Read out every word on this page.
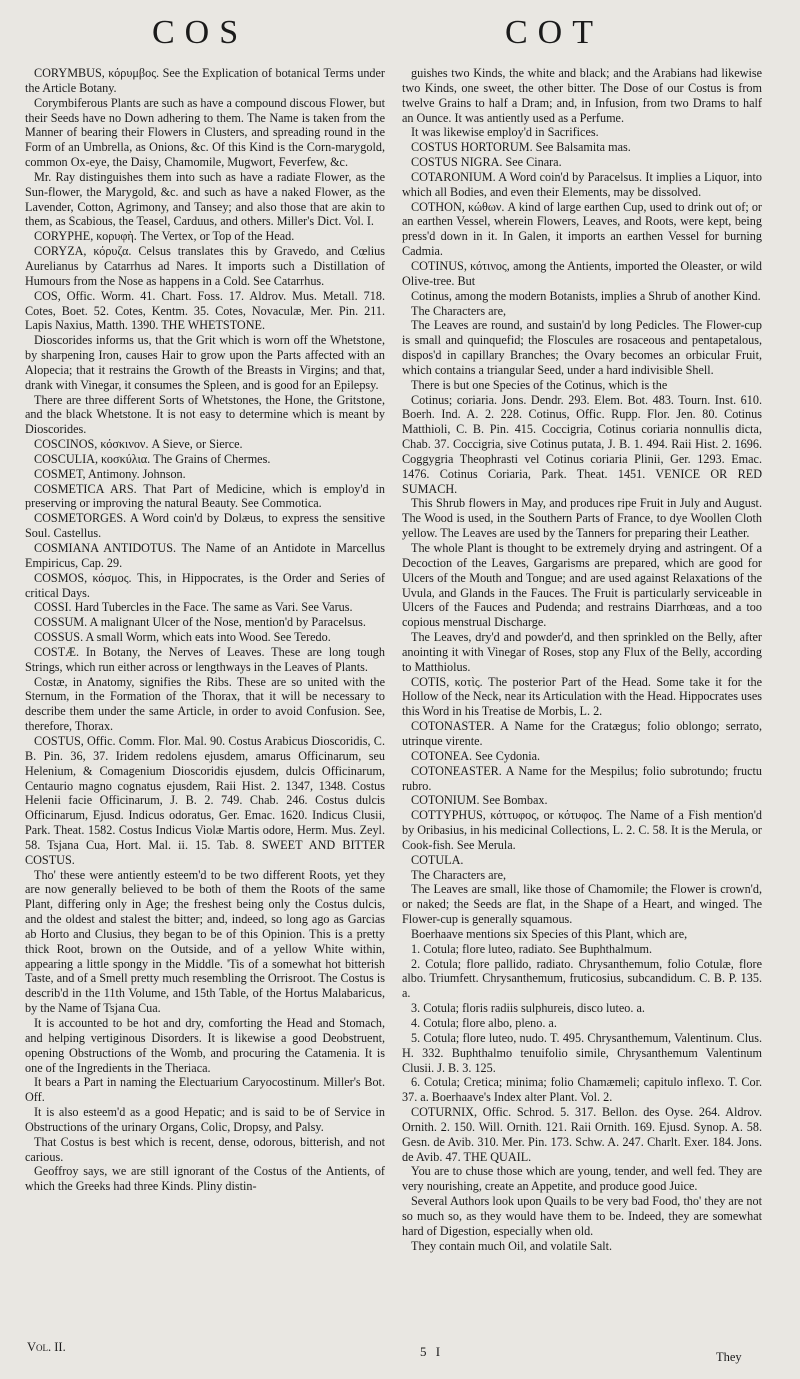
COS	COT

CORYMBUS, κόρυμβος. See the Explication of botanical Terms under the Article Botany.

Corymbiferous Plants are such as have a compound discous Flower, but their Seeds have no Down adhering to them. The Name is taken from the Manner of bearing their Flowers in Clusters, and spreading round in the Form of an Umbrella, as Onions, &c. Of this Kind is the Corn-marygold, common Ox-eye, the Daisy, Chamomile, Mugwort, Feverfew, &c.

Mr. Ray distinguishes them into such as have a radiate Flower, as the Sun-flower, the Marygold, &c. and such as have a naked Flower, as the Lavender, Cotton, Agrimony, and Tansey; and also those that are akin to them, as Scabious, the Teasel, Carduus, and others. Miller's Dict. Vol. I.

CORYPHE, κορυφὴ. The Vertex, or Top of the Head.

CORYZA, κόρυζα. Celsus translates this by Gravedo, and Cœlius Aurelianus by Catarrhus ad Nares. It imports such a Distillation of Humours from the Nose as happens in a Cold. See Catarrhus.

COS, Offic. Worm. 41. Chart. Foss. 17. Aldrov. Mus. Metall. 718. Cotes, Boet. 52. Cotes, Kentm. 35. Cotes, Novaculæ, Mer. Pin. 211. Lapis Naxius, Matth. 1390. THE WHETSTONE.

Dioscorides informs us, that the Grit which is worn off the Whetstone, by sharpening Iron, causes Hair to grow upon the Parts affected with an Alopecia; that it restrains the Growth of the Breasts in Virgins; and that, drank with Vinegar, it consumes the Spleen, and is good for an Epilepsy.

There are three different Sorts of Whetstones, the Hone, the Gritstone, and the black Whetstone. It is not easy to determine which is meant by Dioscorides.

COSCINOS, κόσκινον. A Sieve, or Sierce.

COSCULIA, κοσκύλια. The Grains of Chermes.

COSMET, Antimony. Johnson.

COSMETICA ARS. That Part of Medicine, which is employ'd in preserving or improving the natural Beauty. See Commotica.

COSMETORGES. A Word coin'd by Dolæus, to express the sensitive Soul. Castellus.

COSMIANA ANTIDOTUS. The Name of an Antidote in Marcellus Empiricus, Cap. 29.

COSMOS, κόσμος. This, in Hippocrates, is the Order and Series of critical Days.

COSSI. Hard Tubercles in the Face. The same as Vari. See Varus.

COSSUM. A malignant Ulcer of the Nose, mention'd by Paracelsus.

COSSUS. A small Worm, which eats into Wood. See Teredo.

COSTÆ. In Botany, the Nerves of Leaves. These are long tough Strings, which run either across or lengthways in the Leaves of Plants.

Costæ, in Anatomy, signifies the Ribs. These are so united with the Sternum, in the Formation of the Thorax, that it will be necessary to describe them under the same Article, in order to avoid Confusion. See, therefore, Thorax.

COSTUS, Offic. Comm. Flor. Mal. 90. Costus Arabicus Dioscoridis, C. B. Pin. 36, 37. Iridem redolens ejusdem, amarus Officinarum, seu Helenium, & Comagenium Dioscoridis ejusdem, dulcis Officinarum, Centaurio magno cognatus ejusdem, Raii Hist. 2. 1347, 1348. Costus Helenii facie Officinarum, J. B. 2. 749. Chab. 246. Costus dulcis Officinarum, Ejusd. Indicus odoratus, Ger. Emac. 1620. Indicus Clusii, Park. Theat. 1582. Costus Indicus Violæ Martis odore, Herm. Mus. Zeyl. 58. Tsjana Cua, Hort. Mal. ii. 15. Tab. 8. SWEET AND BITTER COSTUS.

Tho' these were antiently esteem'd to be two different Roots, yet they are now generally believed to be both of them the Roots of the same Plant, differing only in Age; the freshest being only the Costus dulcis, and the oldest and stalest the bitter; and, indeed, so long ago as Garcias ab Horto and Clusius, they began to be of this Opinion. This is a pretty thick Root, brown on the Outside, and of a yellow White within, appearing a little spongy in the Middle. 'Tis of a somewhat hot bitterish Taste, and of a Smell pretty much resembling the Orrisroot. The Costus is describ'd in the 11th Volume, and 15th Table, of the Hortus Malabaricus, by the Name of Tsjana Cua.

It is accounted to be hot and dry, comforting the Head and Stomach, and helping vertiginous Disorders. It is likewise a good Deobstruent, opening Obstructions of the Womb, and procuring the Catamenia. It is one of the Ingredients in the Theriaca.

It bears a Part in naming the Electuarium Caryocostinum. Miller's Bot. Off.

It is also esteem'd as a good Hepatic; and is said to be of Service in Obstructions of the urinary Organs, Colic, Dropsy, and Palsy.

That Costus is best which is recent, dense, odorous, bitterish, and not carious.

Geoffroy says, we are still ignorant of the Costus of the Antients, of which the Greeks had three Kinds. Pliny distin-

guishes two Kinds, the white and black; and the Arabians had likewise two Kinds, one sweet, the other bitter. The Dose of our Costus is from twelve Grains to half a Dram; and, in Infusion, from two Drams to half an Ounce. It was antiently used as a Perfume.

It was likewise employ'd in Sacrifices.

COSTUS HORTORUM. See Balsamita mas.

COSTUS NIGRA. See Cinara.

COTARONIUM. A Word coin'd by Paracelsus. It implies a Liquor, into which all Bodies, and even their Elements, may be dissolved.

COTHON, κώθων. A kind of large earthen Cup, used to drink out of; or an earthen Vessel, wherein Flowers, Leaves, and Roots, were kept, being press'd down in it. In Galen, it imports an earthen Vessel for burning Cadmia.

COTINUS, κότινος, among the Antients, imported the Oleaster, or wild Olive-tree. But

Cotinus, among the modern Botanists, implies a Shrub of another Kind.

The Characters are,

The Leaves are round, and sustain'd by long Pedicles. The Flower-cup is small and quinquefid; the Floscules are rosaceous and pentapetalous, dispos'd in capillary Branches; the Ovary becomes an orbicular Fruit, which contains a triangular Seed, under a hard indivisible Shell.

There is but one Species of the Cotinus, which is the

Cotinus; coriaria. Jons. Dendr. 293. Elem. Bot. 483. Tourn. Inst. 610. Boerh. Ind. A. 2. 228. Cotinus, Offic. Rupp. Flor. Jen. 80. Cotinus Matthioli, C. B. Pin. 415. Coccigria, Cotinus coriaria nonnullis dicta, Chab. 37. Coccigria, sive Cotinus putata, J. B. 1. 494. Raii Hist. 2. 1696. Coggygria Theophrasti vel Cotinus coriaria Plinii, Ger. 1293. Emac. 1476. Cotinus Coriaria, Park. Theat. 1451. VENICE OR RED SUMACH.

This Shrub flowers in May, and produces ripe Fruit in July and August. The Wood is used, in the Southern Parts of France, to dye Woollen Cloth yellow. The Leaves are used by the Tanners for preparing their Leather.

The whole Plant is thought to be extremely drying and astringent. Of a Decoction of the Leaves, Gargarisms are prepared, which are good for Ulcers of the Mouth and Tongue; and are used against Relaxations of the Uvula, and Glands in the Fauces. The Fruit is particularly serviceable in Ulcers of the Fauces and Pudenda; and restrains Diarrhœas, and a too copious menstrual Discharge.

The Leaves, dry'd and powder'd, and then sprinkled on the Belly, after anointing it with Vinegar of Roses, stop any Flux of the Belly, according to Matthiolus.

COTIS, κοτὶς. The posterior Part of the Head. Some take it for the Hollow of the Neck, near its Articulation with the Head. Hippocrates uses this Word in his Treatise de Morbis, L. 2.

COTONASTER. A Name for the Cratægus; folio oblongo; serrato, utrinque virente.

COTONEA. See Cydonia.

COTONEASTER. A Name for the Mespilus; folio subrotundo; fructu rubro.

COTONIUM. See Bombax.

COTTYPHUS, κόττυφος, or κότυφος. The Name of a Fish mention'd by Oribasius, in his medicinal Collections, L. 2. C. 58. It is the Merula, or Cook-fish. See Merula.

COTULA.

The Characters are,

The Leaves are small, like those of Chamomile; the Flower is crown'd, or naked; the Seeds are flat, in the Shape of a Heart, and winged. The Flower-cup is generally squamous.

Boerhaave mentions six Species of this Plant, which are,

1. Cotula; flore luteo, radiato. See Buphthalmum.

2. Cotula; flore pallido, radiato. Chrysanthemum, folio Cotulæ, flore albo. Triumfett. Chrysanthemum, fruticosius, subcandidum. C. B. P. 135. a.

3. Cotula; floris radiis sulphureis, disco luteo. a.

4. Cotula; flore albo, pleno. a.

5. Cotula; flore luteo, nudo. T. 495. Chrysanthemum, Valentinum. Clus. H. 332. Buphthalmo tenuifolio simile, Chrysanthemum Valentinum Clusii. J. B. 3. 125.

6. Cotula; Cretica; minima; folio Chamæmeli; capitulo inflexo. T. Cor. 37. a. Boerhaave's Index alter Plant. Vol. 2.

COTURNIX, Offic. Schrod. 5. 317. Bellon. des Oyse. 264. Aldrov. Ornith. 2. 150. Will. Ornith. 121. Raii Ornith. 169. Ejusd. Synop. A. 58. Gesn. de Avib. 310. Mer. Pin. 173. Schw. A. 247. Charlt. Exer. 184. Jons. de Avib. 47. THE QUAIL.

You are to chuse those which are young, tender, and well fed. They are very nourishing, create an Appetite, and produce good Juice.

Several Authors look upon Quails to be very bad Food, tho' they are not so much so, as they would have them to be. Indeed, they are somewhat hard of Digestion, especially when old.

They contain much Oil, and volatile Salt.

Vol. II.	5 I	They
